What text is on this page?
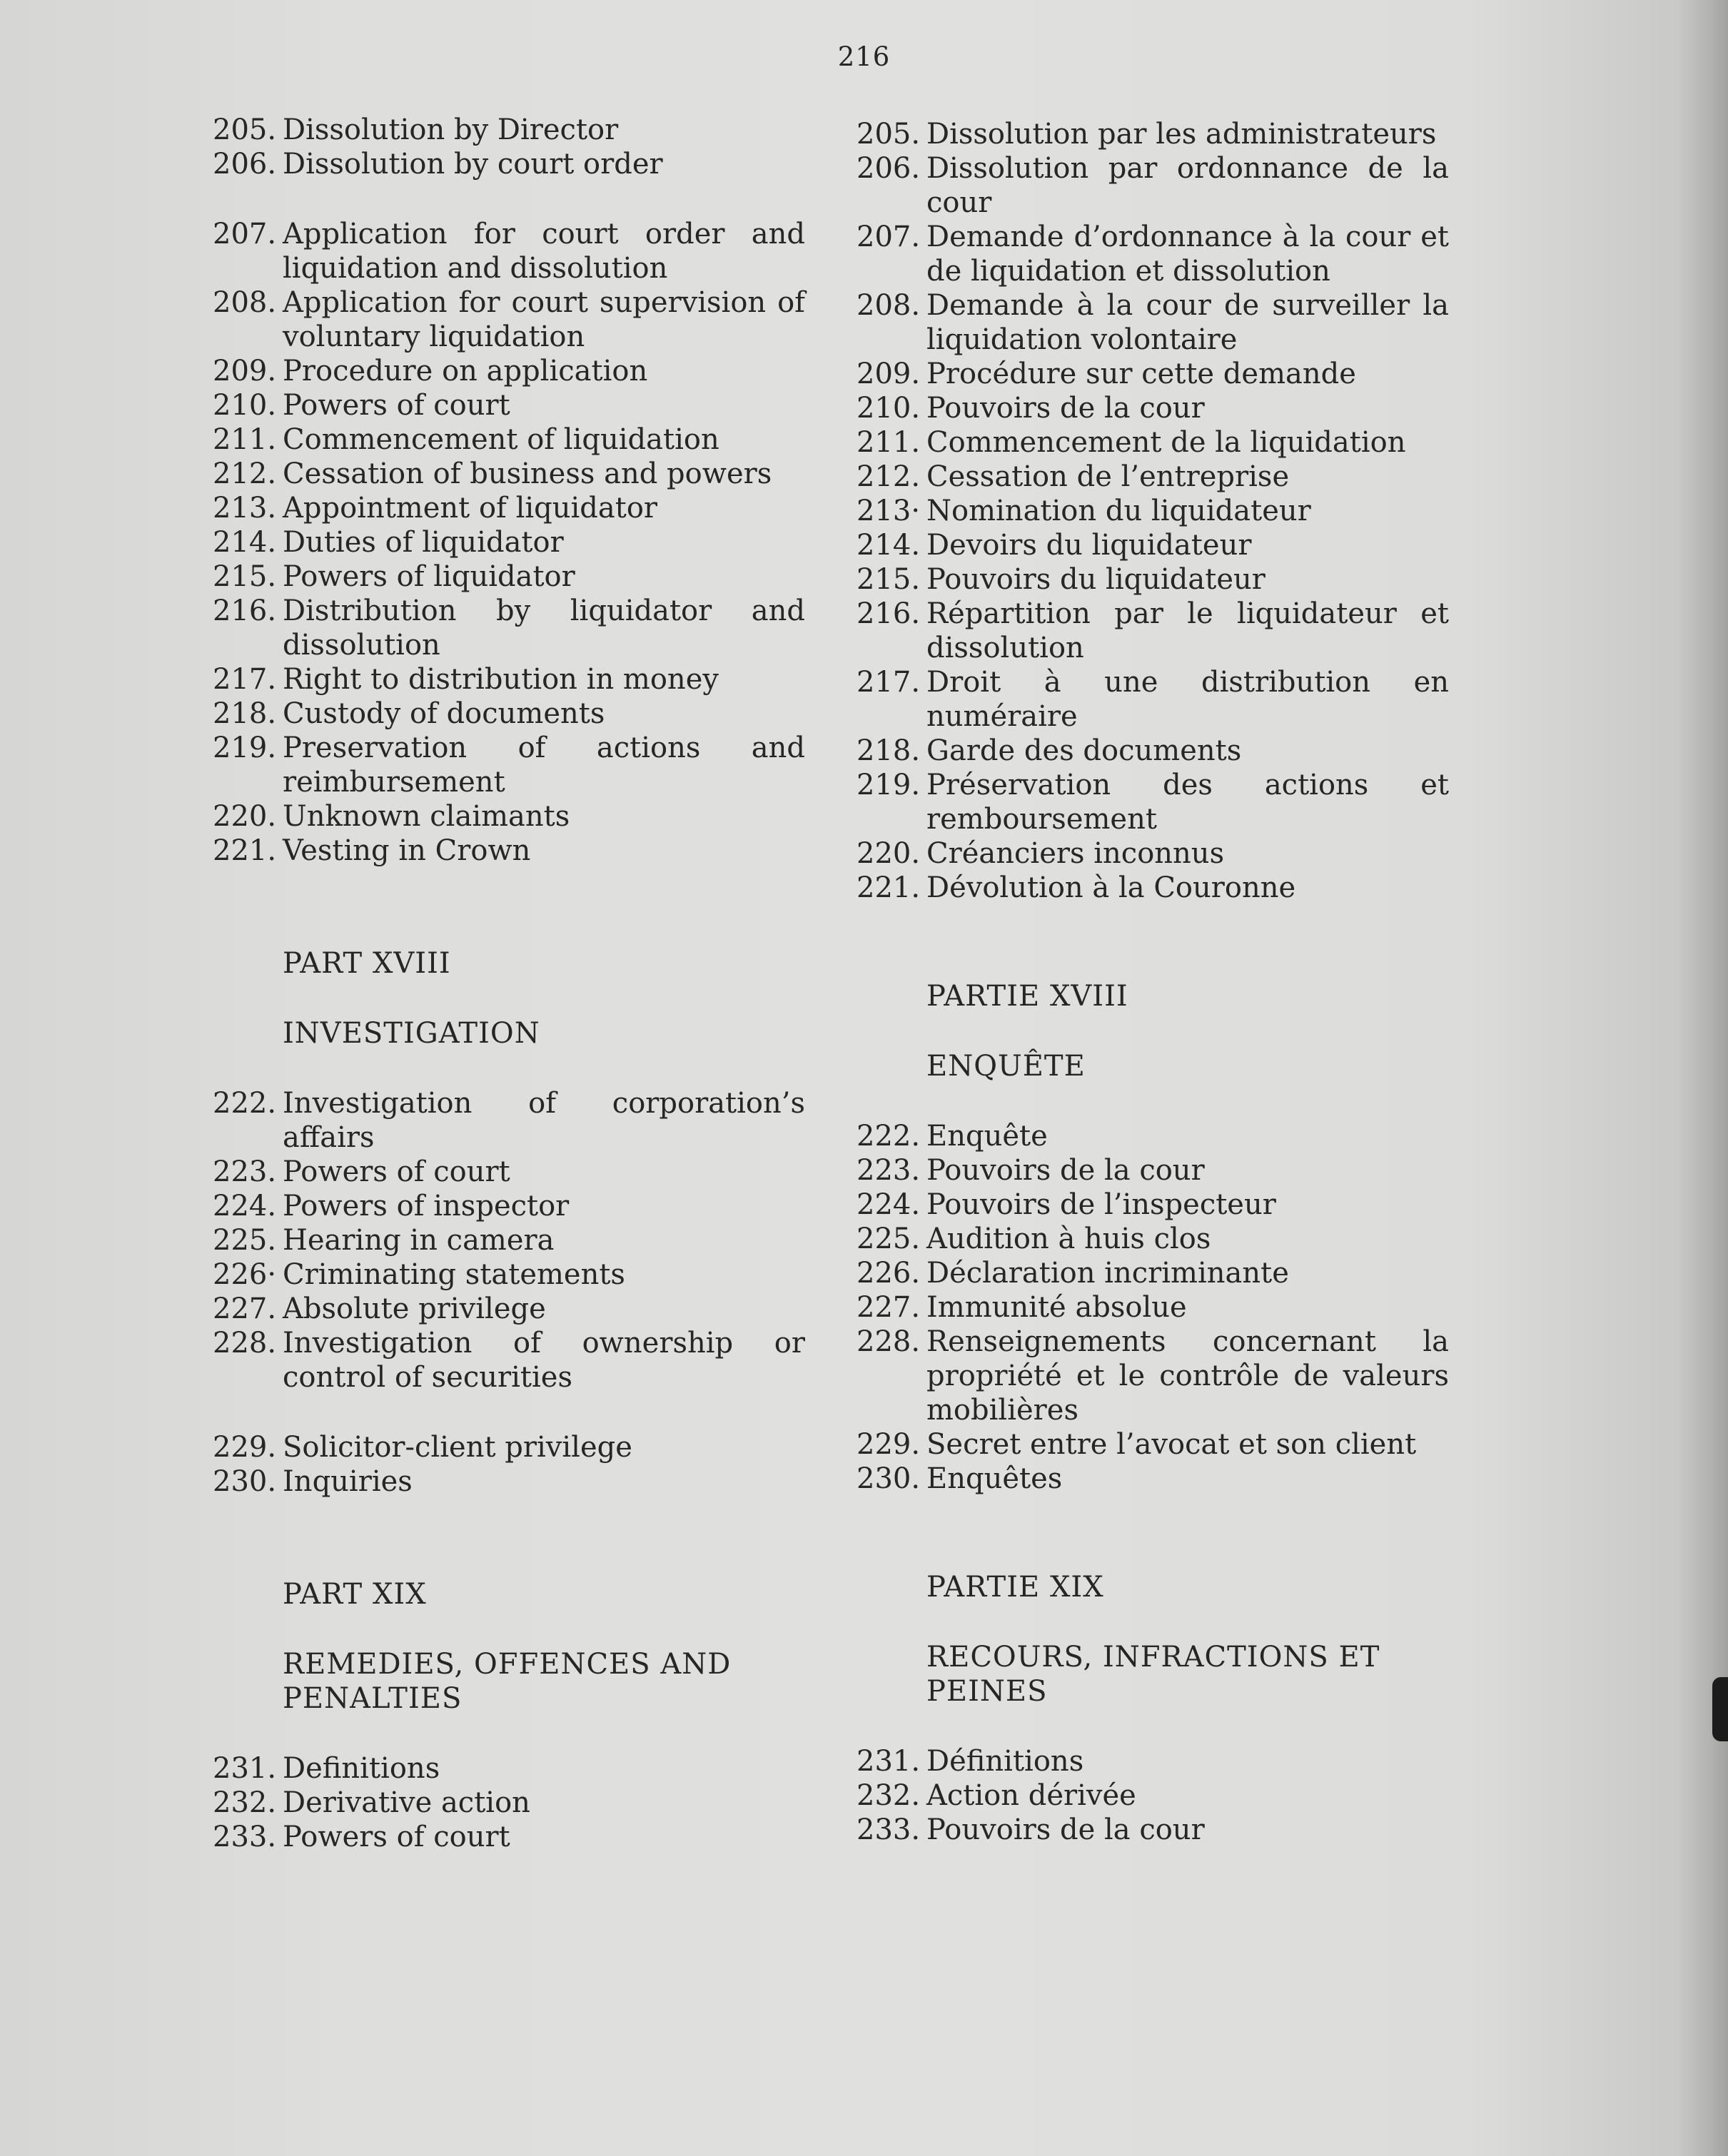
216
205. Dissolution by Director
206. Dissolution by court order
207. Application for court order and liquidation and dissolution
208. Application for court supervision of voluntary liquidation
209. Procedure on application
210. Powers of court
211. Commencement of liquidation
212. Cessation of business and powers
213. Appointment of liquidator
214. Duties of liquidator
215. Powers of liquidator
216. Distribution by liquidator and dissolution
217. Right to distribution in money
218. Custody of documents
219. Preservation of actions and reimbursement
220. Unknown claimants
221. Vesting in Crown
PART XVIII
INVESTIGATION
222. Investigation of corporation’s affairs
223. Powers of court
224. Powers of inspector
225. Hearing in camera
226· Criminating statements
227. Absolute privilege
228. Investigation of ownership or control of securities
229. Solicitor-client privilege
230. Inquiries
PART XIX
REMEDIES, OFFENCES AND PENALTIES
231. Definitions
232. Derivative action
233. Powers of court
205. Dissolution par les administrateurs
206. Dissolution par ordonnance de la cour
207. Demande d’ordonnance à la cour et de liquidation et dissolution
208. Demande à la cour de surveiller la liquidation volontaire
209. Procédure sur cette demande
210. Pouvoirs de la cour
211. Commencement de la liquidation
212. Cessation de l’entreprise
213· Nomination du liquidateur
214. Devoirs du liquidateur
215. Pouvoirs du liquidateur
216. Répartition par le liquidateur et dissolution
217. Droit à une distribution en numéraire
218. Garde des documents
219. Préservation des actions et remboursement
220. Créanciers inconnus
221. Dévolution à la Couronne
PARTIE XVIII
ENQUÊTE
222. Enquête
223. Pouvoirs de la cour
224. Pouvoirs de l’inspecteur
225. Audition à huis clos
226. Déclaration incriminante
227. Immunité absolue
228. Renseignements concernant la propriété et le contrôle de valeurs mobilières
229. Secret entre l’avocat et son client
230. Enquêtes
PARTIE XIX
RECOURS, INFRACTIONS ET PEINES
231. Définitions
232. Action dérivée
233. Pouvoirs de la cour
